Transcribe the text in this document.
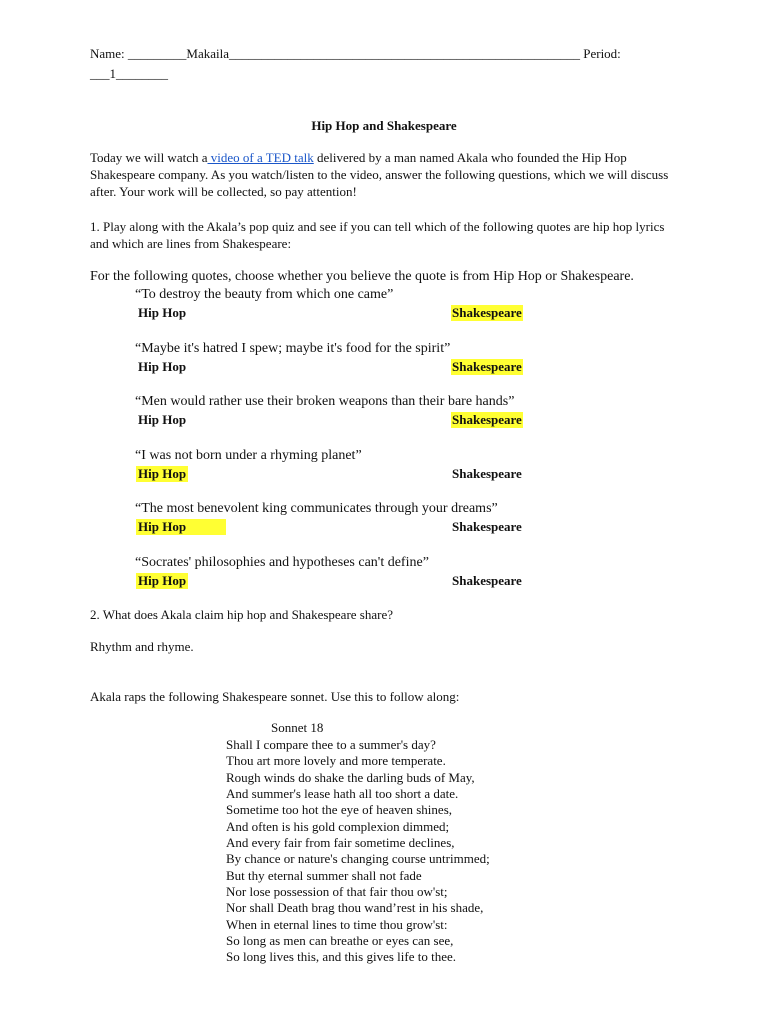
Name: _________Makaila______________________________________________________ Period:
___1________
Hip Hop and Shakespeare
Today we will watch a video of a TED talk delivered by a man named Akala who founded the Hip Hop Shakespeare company. As you watch/listen to the video, answer the following questions, which we will discuss after. Your work will be collected, so pay attention!
1. Play along with the Akala’s pop quiz and see if you can tell which of the following quotes are hip hop lyrics and which are lines from Shakespeare:
For the following quotes, choose whether you believe the quote is from Hip Hop or Shakespeare.
“To destroy the beauty from which one came”
Hip Hop	Shakespeare
“Maybe it's hatred I spew; maybe it's food for the spirit”
Hip Hop	Shakespeare
“Men would rather use their broken weapons than their bare hands”
Hip Hop	Shakespeare
“I was not born under a rhyming planet”
Hip Hop	Shakespeare
“The most benevolent king communicates through your dreams”
Hip Hop	Shakespeare
“Socrates' philosophies and hypotheses can't define”
Hip Hop	Shakespeare
2. What does Akala claim hip hop and Shakespeare share?
Rhythm and rhyme.
Akala raps the following Shakespeare sonnet. Use this to follow along:
Sonnet 18
Shall I compare thee to a summer's day?
Thou art more lovely and more temperate.
Rough winds do shake the darling buds of May,
And summer's lease hath all too short a date.
Sometime too hot the eye of heaven shines,
And often is his gold complexion dimmed;
And every fair from fair sometime declines,
By chance or nature's changing course untrimmed;
But thy eternal summer shall not fade
Nor lose possession of that fair thou ow'st;
Nor shall Death brag thou wand’rest in his shade,
When in eternal lines to time thou grow'st:
So long as men can breathe or eyes can see,
So long lives this, and this gives life to thee.
